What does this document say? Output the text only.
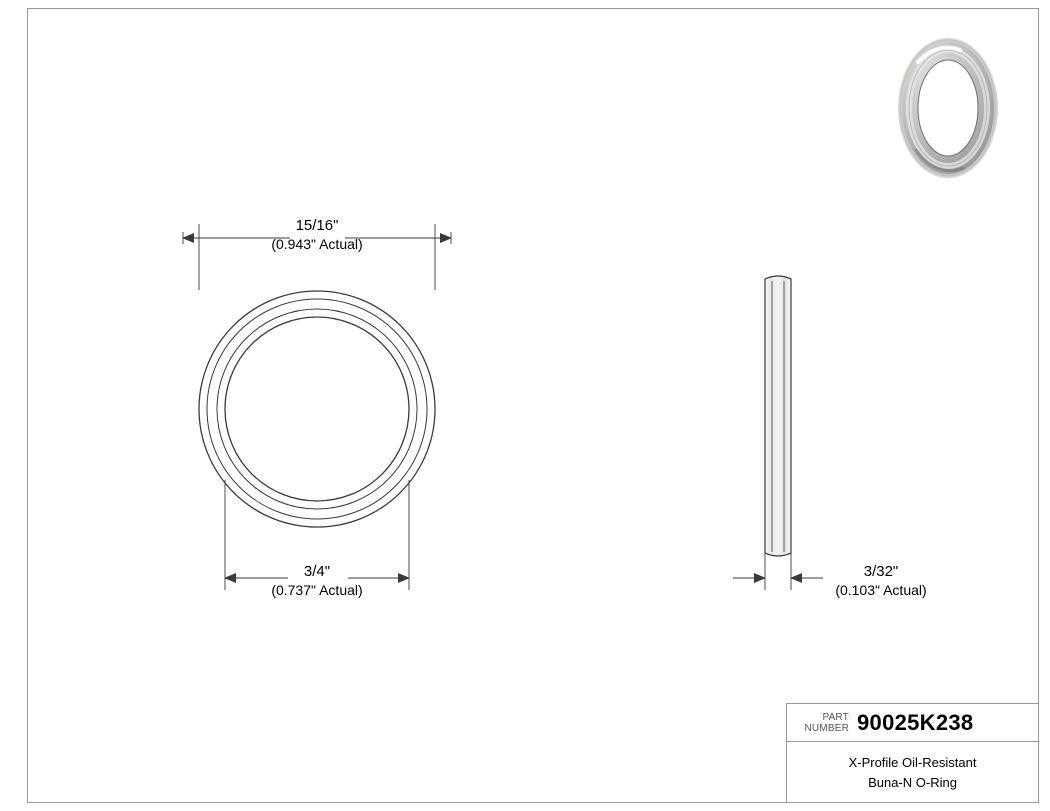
15/16"
(0.943" Actual)
3/4"
(0.737" Actual)
3/32"
(0.103" Actual)
PART
NUMBER 90025K238
X-Profile Oil-Resistant
Buna-N O-Ring
